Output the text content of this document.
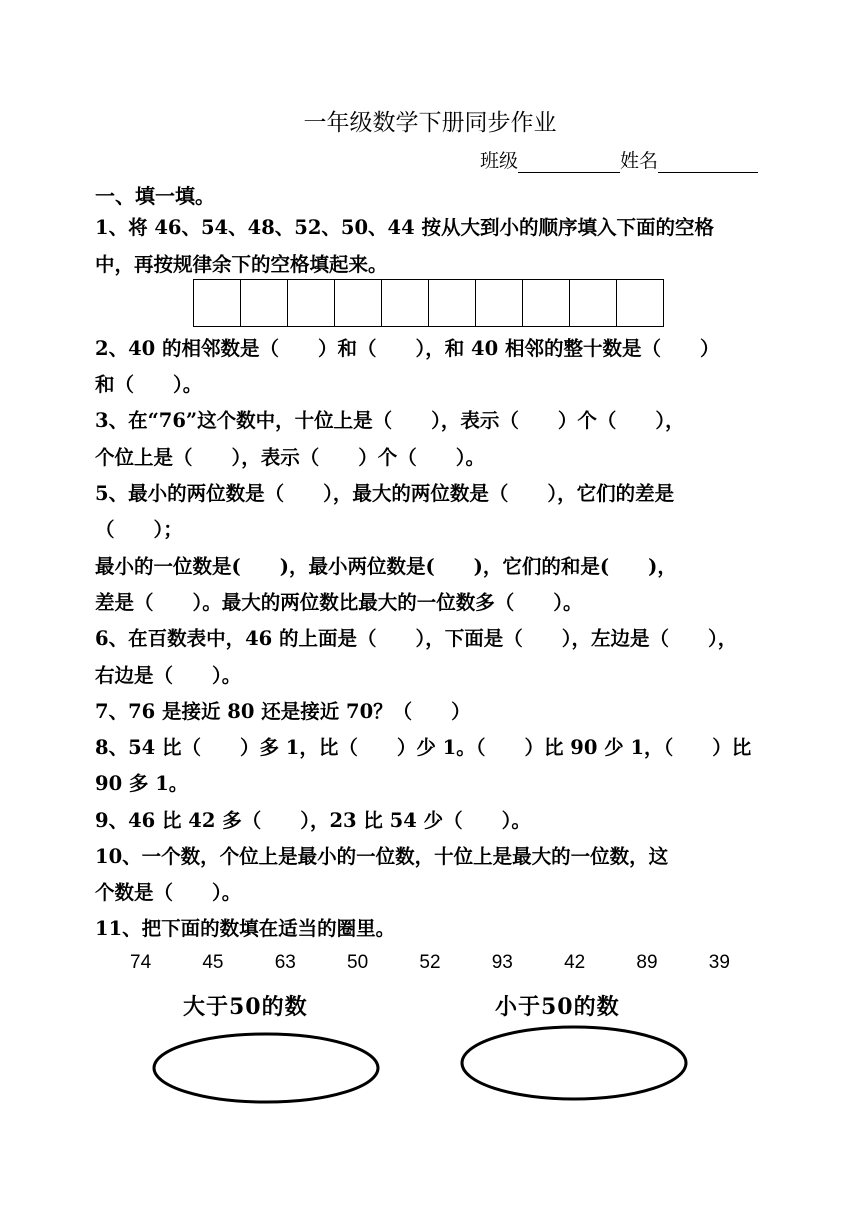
一年级数学下册同步作业
班级	姓名
一、填一填。
1、将 46、54、48、52、50、44 按从大到小的顺序填入下面的空格
中，再按规律余下的空格填起来。
2、40 的相邻数是（　　）和（　　），和 40 相邻的整十数是（　　）
和（　　）。
3、在“76”这个数中，十位上是（　　），表示（　　）个（　　），
个位上是（　　），表示（　　）个（　　）。
5、最小的两位数是（　　），最大的两位数是（　　），它们的差是
（　　）；
最小的一位数是(　　)，最小两位数是(　　)，它们的和是(　　)，
差是（　　）。最大的两位数比最大的一位数多（　　）。
6、在百数表中，46 的上面是（　　），下面是（　　），左边是（　　），
右边是（　　）。
7、76 是接近 80 还是接近 70？（　　）
8、54 比（　　）多 1，比（　　）少 1。（　　）比 90 少 1，（　　）比
90 多 1。
9、46 比 42 多（　　），23 比 54 少（　　）。
10、一个数，个位上是最小的一位数，十位上是最大的一位数，这
个数是（　　）。
11、把下面的数填在适当的圈里。
74	45	63	50	52	93	42	89	39
大于50的数	小于50的数
